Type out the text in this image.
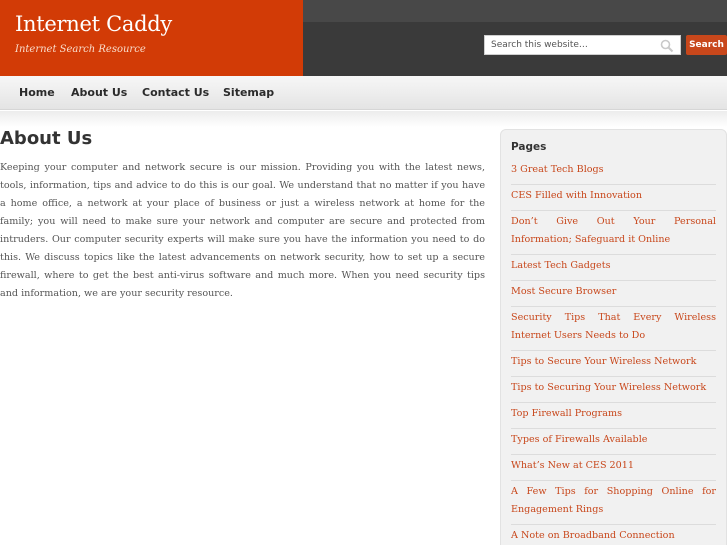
Internet Caddy
Internet Search Resource
Search this website…	Search
Home About Us Contact Us Sitemap
About Us

Keeping your computer and network secure is our mission. Providing you with the latest news, tools, information, tips and advice to do this is our goal. We understand that no matter if you have a home office, a network at your place of business or just a wireless network at home for the family; you will need to make sure your network and computer are secure and protected from intruders. Our computer security experts will make sure you have the information you need to do this. We discuss topics like the latest advancements on network security, how to set up a secure firewall, where to get the best anti-virus software and much more. When you need security tips and information, we are your security resource.

Pages
3 Great Tech Blogs
CES Filled with Innovation
Don’t Give Out Your Personal Information; Safeguard it Online
Latest Tech Gadgets
Most Secure Browser
Security Tips That Every Wireless Internet Users Needs to Do
Tips to Secure Your Wireless Network
Tips to Securing Your Wireless Network
Top Firewall Programs
Types of Firewalls Available
What’s New at CES 2011
A Few Tips for Shopping Online for Engagement Rings
A Note on Broadband Connection
